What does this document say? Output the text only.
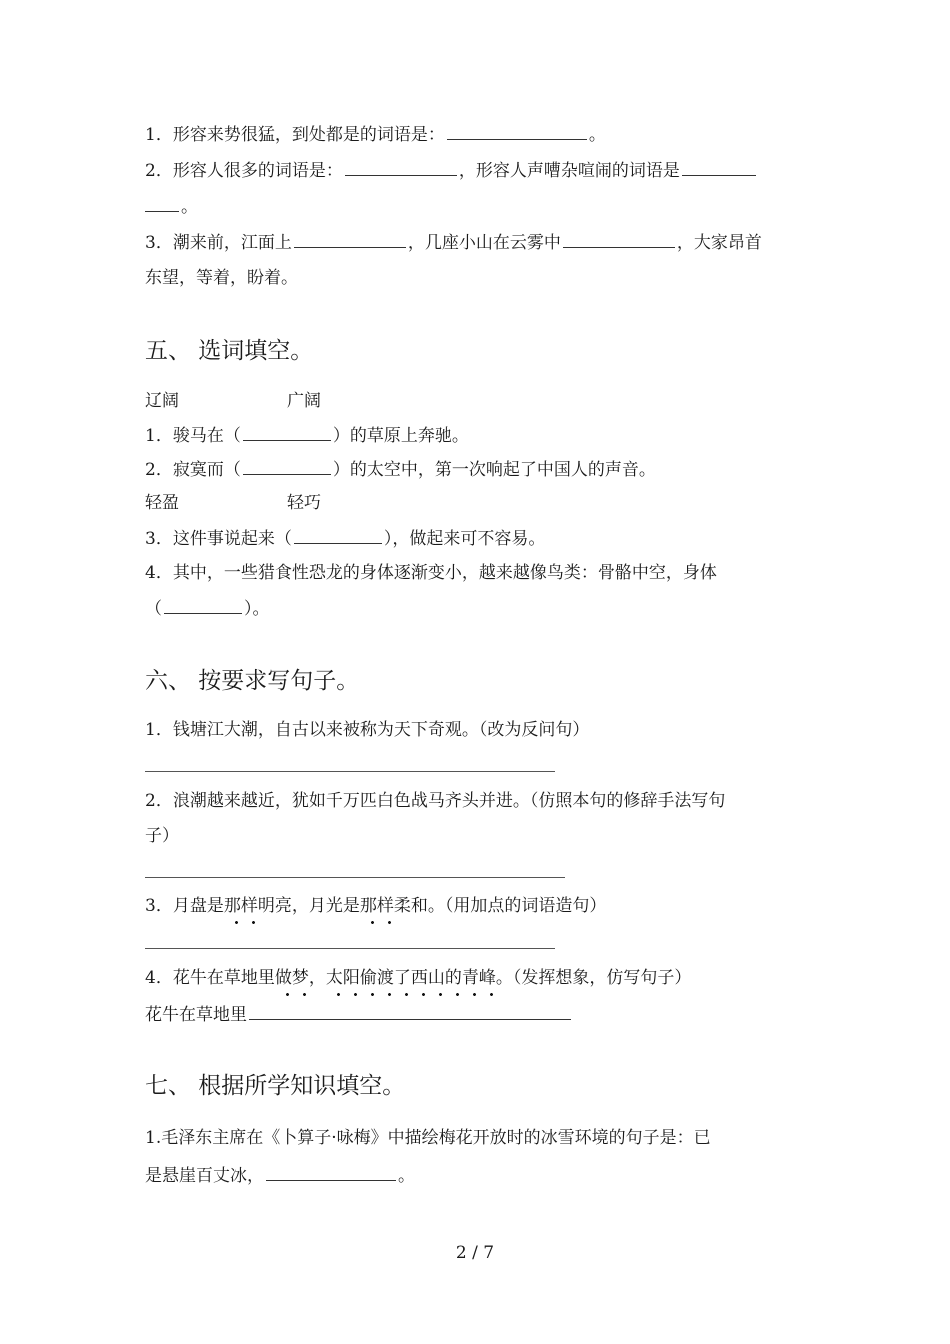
1．形容来势很猛，到处都是的词语是：	。
2．形容人很多的词语是：	，形容人声嘈杂喧闹的词语是
。
3．潮来前，江面上	，几座小山在云雾中	，大家昂首
东望，等着，盼着。
五、 选词填空。
辽阔	广阔
1．骏马在（	）的草原上奔驰。
2．寂寞而（	）的太空中，第一次响起了中国人的声音。
轻盈	轻巧
3．这件事说起来（	），做起来可不容易。
4．其中，一些猎食性恐龙的身体逐渐变小，越来越像鸟类：骨骼中空，身体
（	）。
六、 按要求写句子。
1．钱塘江大潮，自古以来被称为天下奇观。（改为反问句）
2．浪潮越来越近，犹如千万匹白色战马齐头并进。（仿照本句的修辞手法写句
子）
3．月盘是那样明亮，月光是那样柔和。（用加点的词语造句）
4．花牛在草地里做梦，太阳偷渡了西山的青峰。（发挥想象，仿写句子）
花牛在草地里
七、 根据所学知识填空。
1.毛泽东主席在《卜算子·咏梅》中描绘梅花开放时的冰雪环境的句子是：已
是悬崖百丈冰，	。
2 / 7
